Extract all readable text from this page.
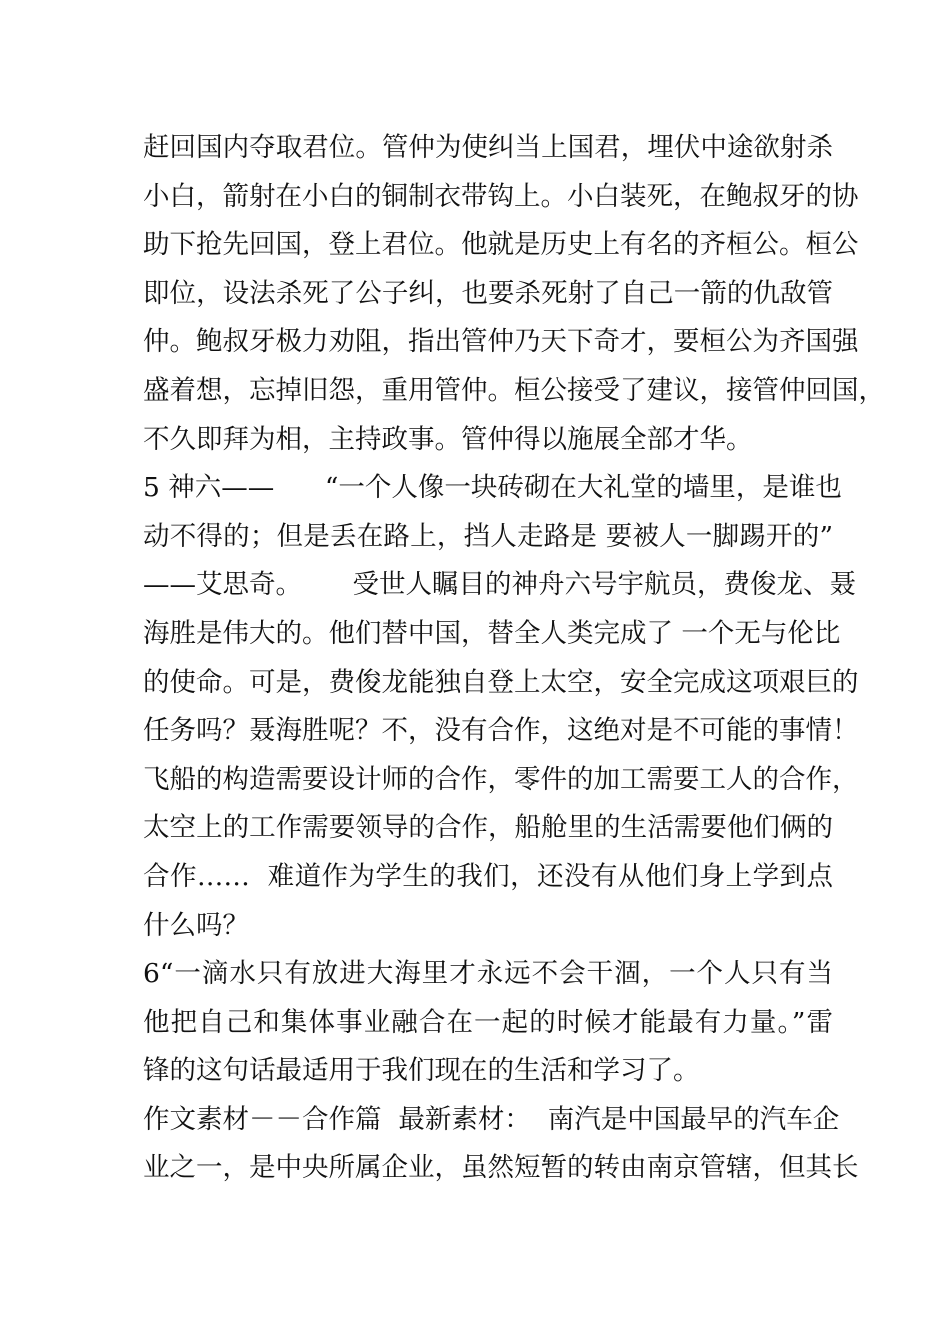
赶回国内夺取君位。管仲为使纠当上国君，埋伏中途欲射杀
小白，箭射在小白的铜制衣带钩上。小白装死，在鲍叔牙的协
助下抢先回国，登上君位。他就是历史上有名的齐桓公。桓公
即位，设法杀死了公子纠，也要杀死射了自己一箭的仇敌管
仲。鲍叔牙极力劝阻，指出管仲乃天下奇才，要桓公为齐国强
盛着想，忘掉旧怨，重用管仲。桓公接受了建议，接管仲回国，
不久即拜为相，主持政事。管仲得以施展全部才华。
5 神六——      “一个人像一块砖砌在大礼堂的墙里，是谁也
动不得的；但是丢在路上，挡人走路是 要被人一脚踢开的”
——艾思奇。      受世人瞩目的神舟六号宇航员，费俊龙、聂
海胜是伟大的。他们替中国，替全人类完成了 一个无与伦比
的使命。可是，费俊龙能独自登上太空，安全完成这项艰巨的
任务吗？聂海胜呢？不，没有合作，这绝对是不可能的事情！
飞船的构造需要设计师的合作，零件的加工需要工人的合作，
太空上的工作需要领导的合作，船舱里的生活需要他们俩的
合作……  难道作为学生的我们，还没有从他们身上学到点
什么吗？
6“一滴水只有放进大海里才永远不会干涸，一个人只有当
他把自己和集体事业融合在一起的时候才能最有力量。”雷
锋的这句话最适用于我们现在的生活和学习了。
作文素材－－合作篇  最新素材：  南汽是中国最早的汽车企
业之一，是中央所属企业，虽然短暂的转由南京管辖，但其长
